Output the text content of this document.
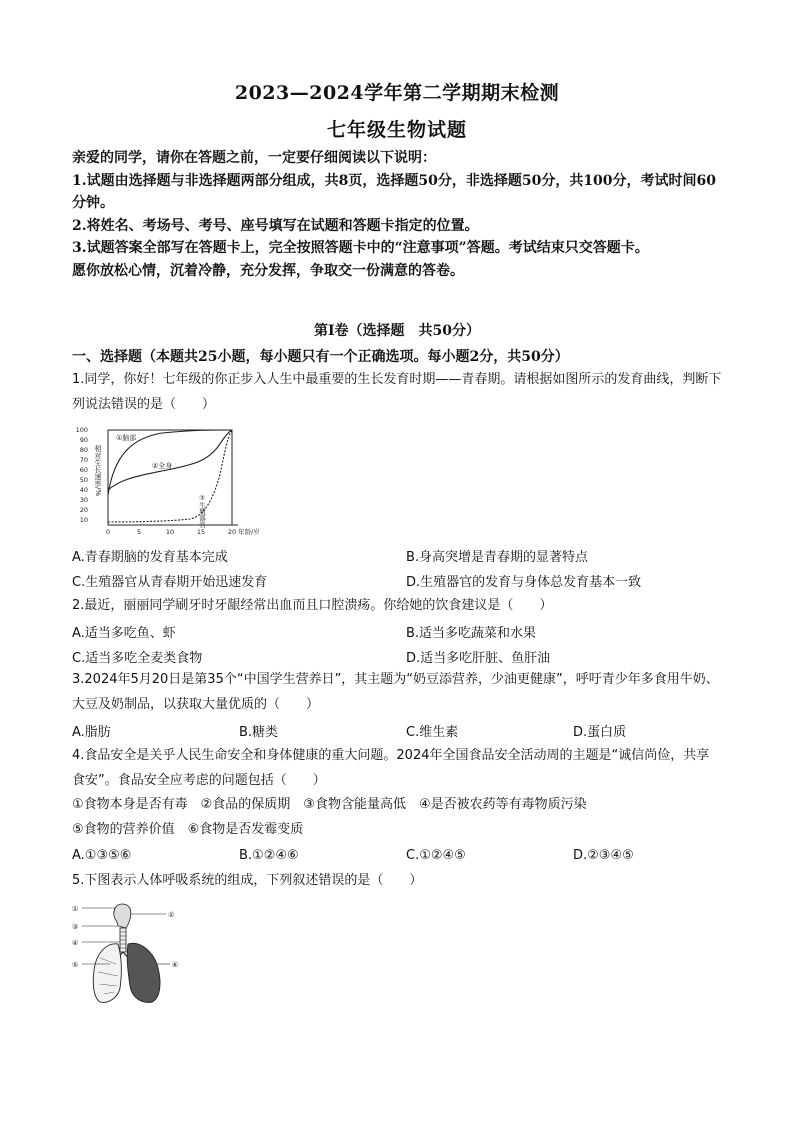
2023—2024学年第二学期期末检测
七年级生物试题

亲爱的同学，请你在答题之前，一定要仔细阅读以下说明：

1.试题由选择题与非选择题两部分组成，共8页，选择题50分，非选择题50分，共100分，考试时间60分钟。

2.将姓名、考场号、考号、座号填写在试题和答题卡指定的位置。

3.试题答案全部写在答题卡上，完全按照答题卡中的“注意事项”答题。考试结束只交答题卡。

愿你放松心情，沉着冷静，充分发挥，争取交一份满意的答卷。

第Ⅰ卷（选择题　共50分）
一、选择题（本题共25小题，每小题只有一个正确选项。每小题2分，共50分）
1.同学，你好！七年级的你正步入人生中最重要的生长发育时期——青春期。请根据如图所示的发育曲线，判断下列说法错误的是（　　）
100
90
80
70
60
50
40
30
20
10
相对生长速率/%
①脑部
②全身
③生殖器官
0	5	10	15	20 年龄/岁
A.青春期脑的发育基本完成	B.身高突增是青春期的显著特点
C.生殖器官从青春期开始迅速发育	D.生殖器官的发育与身体总发育基本一致
2.最近，丽丽同学刷牙时牙龈经常出血而且口腔溃疡。你给她的饮食建议是（　　）
A.适当多吃鱼、虾	B.适当多吃蔬菜和水果
C.适当多吃全麦类食物	D.适当多吃肝脏、鱼肝油
3.2024年5月20日是第35个“中国学生营养日”，其主题为“奶豆添营养，少油更健康”，呼吁青少年多食用牛奶、大豆及奶制品，以获取大量优质的（　　）
A.脂肪	B.糖类	C.维生素	D.蛋白质
4.食品安全是关乎人民生命安全和身体健康的重大问题。2024年全国食品安全活动周的主题是“诚信尚俭，共享食安”。食品安全应考虑的问题包括（　　）
①食物本身是否有毒　②食品的保质期　③食物含能量高低　④是否被农药等有毒物质污染
⑤食物的营养价值　⑥食物是否发霉变质
A.①③⑤⑥	B.①②④⑥	C.①②④⑤	D.②③④⑤
5.下图表示人体呼吸系统的组成，下列叙述错误的是（　　）
①
②
③
④
⑤	⑥
